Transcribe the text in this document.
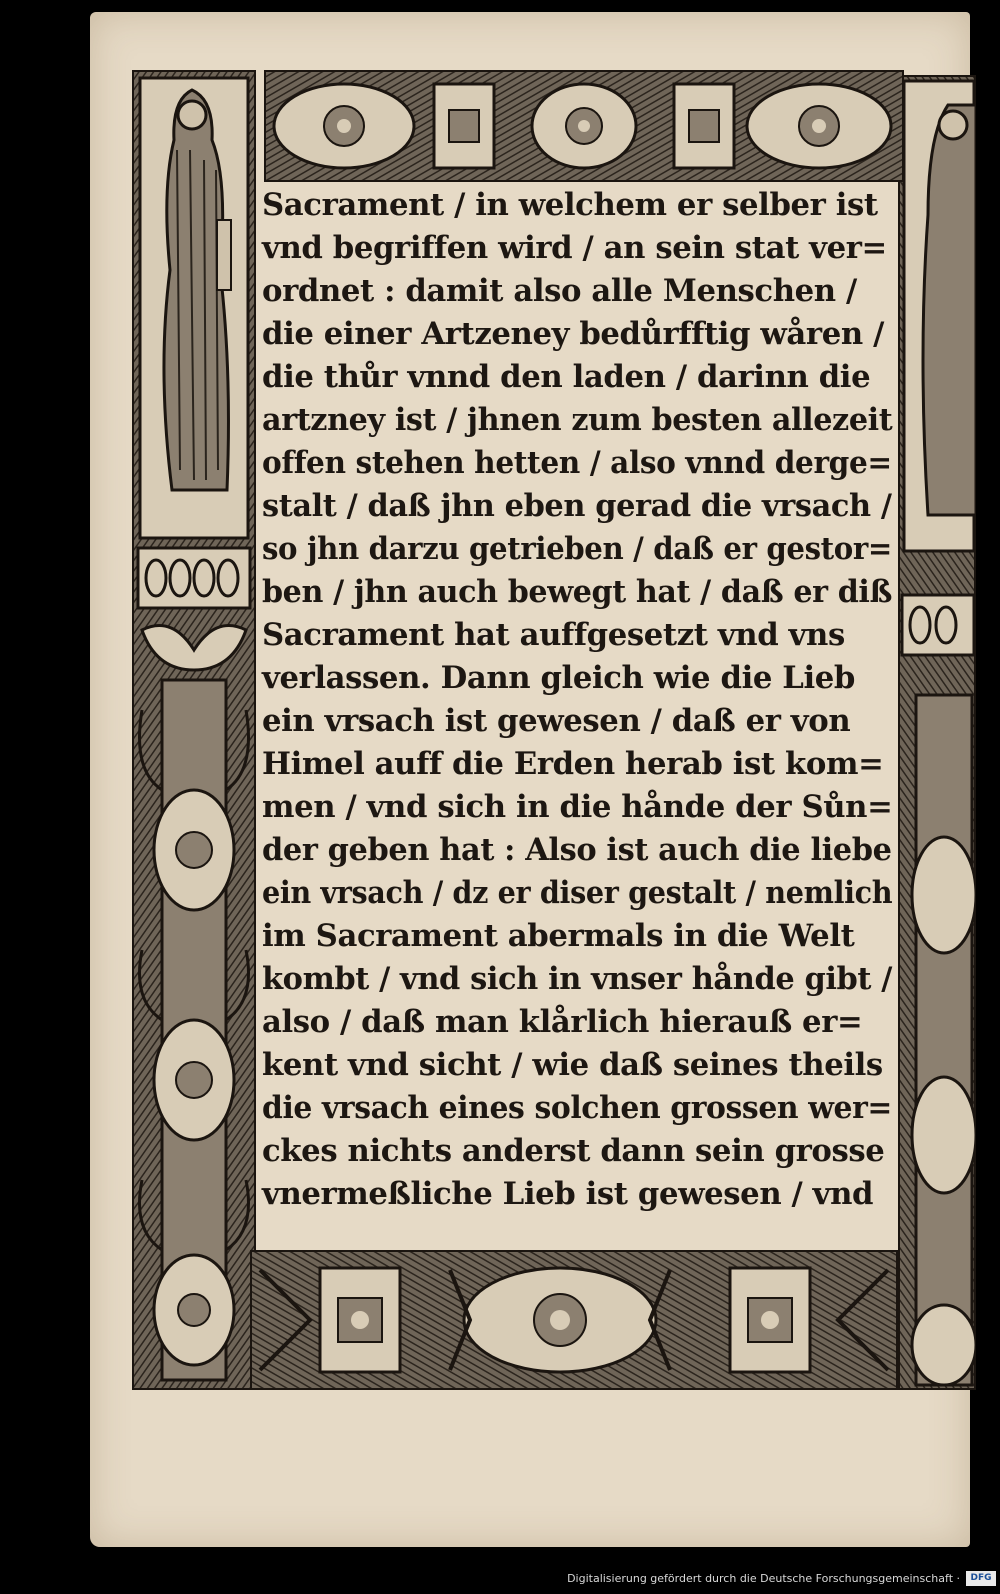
Sacrament / in welchem er selber ist
vnd begriffen wird / an sein stat ver=
ordnet : damit also alle Menschen /
die einer Artzeney bedůrfftig wåren /
die thůr vnnd den laden / darinn die
artzney ist / jhnen zum besten allezeit
offen stehen hetten / also vnnd derge=
stalt / daß jhn eben gerad die vrsach /
so jhn darzu getrieben / daß er gestor=
ben / jhn auch bewegt hat / daß er diß
Sacrament hat auffgesetzt vnd vns
verlassen. Dann gleich wie die Lieb
ein vrsach ist gewesen / daß er von
Himel auff die Erden herab ist kom=
men / vnd sich in die hånde der Sůn=
der geben hat : Also ist auch die liebe
ein vrsach / dz er diser gestalt / nemlich
im Sacrament abermals in die Welt
kombt / vnd sich in vnser hånde gibt /
also / daß man klårlich hierauß er=
kent vnd sicht / wie daß seines theils
die vrsach eines solchen grossen wer=
ckes nichts anderst dann sein grosse
vnermeßliche Lieb ist gewesen / vnd
Digitalisierung gefördert durch die Deutsche Forschungsgemeinschaft ·	DFG
